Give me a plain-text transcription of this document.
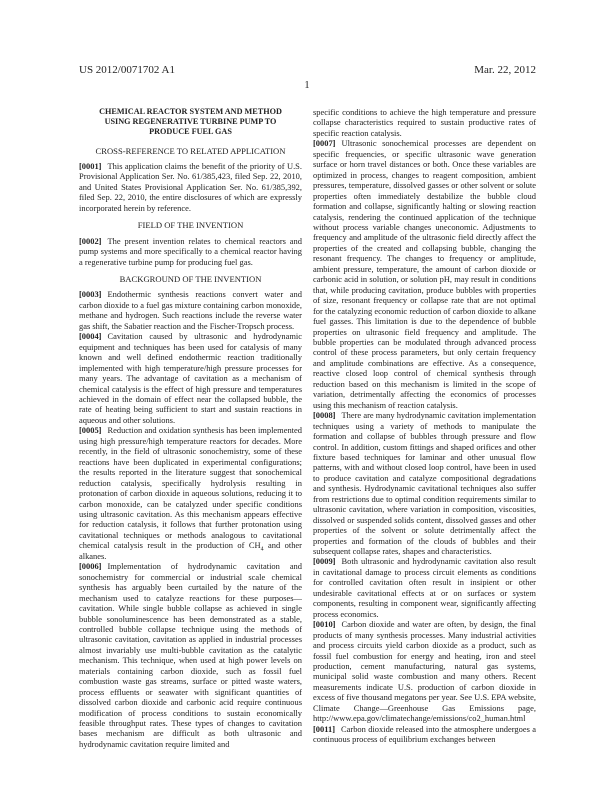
US 2012/0071702 A1	Mar. 22, 2012
1
CHEMICAL REACTOR SYSTEM AND METHOD USING REGENERATIVE TURBINE PUMP TO PRODUCE FUEL GAS
CROSS-REFERENCE TO RELATED APPLICATION

[0001] This application claims the benefit of the priority of U.S. Provisional Application Ser. No. 61/385,423, filed Sep. 22, 2010, and United States Provisional Application Ser. No. 61/385,392, filed Sep. 22, 2010, the entire disclosures of which are expressly incorporated herein by reference.

FIELD OF THE INVENTION

[0002] The present invention relates to chemical reactors and pump systems and more specifically to a chemical reactor having a regenerative turbine pump for producing fuel gas.

BACKGROUND OF THE INVENTION

[0003] Endothermic synthesis reactions convert water and carbon dioxide to a fuel gas mixture containing carbon monoxide, methane and hydrogen. Such reactions include the reverse water gas shift, the Sabatier reaction and the Fischer-Tropsch process.

[0004] Cavitation caused by ultrasonic and hydrodynamic equipment and techniques has been used for catalysis of many known and well defined endothermic reaction traditionally implemented with high temperature/high pressure processes for many years. The advantage of cavitation as a mechanism of chemical catalysis is the effect of high pressure and temperatures achieved in the domain of effect near the collapsed bubble, the rate of heating being sufficient to start and sustain reactions in aqueous and other solutions.

[0005] Reduction and oxidation synthesis has been implemented using high pressure/high temperature reactors for decades. More recently, in the field of ultrasonic sonochemistry, some of these reactions have been duplicated in experimental configurations; the results reported in the literature suggest that sonochemical reduction catalysis, specifically hydrolysis resulting in protonation of carbon dioxide in aqueous solutions, reducing it to carbon monoxide, can be catalyzed under specific conditions using ultrasonic cavitation. As this mechanism appears effective for reduction catalysis, it follows that further protonation using cavitational techniques or methods analogous to cavitational chemical catalysis result in the production of $CH_4$ and other alkanes.

[0006] Implementation of hydrodynamic cavitation and sonochemistry for commercial or industrial scale chemical synthesis has arguably been curtailed by the nature of the mechanism used to catalyze reactions for these purposes—cavitation. While single bubble collapse as achieved in single bubble sonoluminescence has been demonstrated as a stable, controlled bubble collapse technique using the methods of ultrasonic cavitation, cavitation as applied in industrial processes almost invariably use multi-bubble cavitation as the catalytic mechanism. This technique, when used at high power levels on materials containing carbon dioxide, such as fossil fuel combustion waste gas streams, surface or pitted waste waters, process effluents or seawater with significant quantities of dissolved carbon dioxide and carbonic acid require continuous modification of process conditions to sustain economically feasible throughput rates. These types of changes to cavitation bases mechanism are difficult as both ultrasonic and hydrodynamic cavitation require limited and

specific conditions to achieve the high temperature and pressure collapse characteristics required to sustain productive rates of specific reaction catalysis.

[0007] Ultrasonic sonochemical processes are dependent on specific frequencies, or specific ultrasonic wave generation surface or horn travel distances or both. Once these variables are optimized in process, changes to reagent composition, ambient pressures, temperature, dissolved gasses or other solvent or solute properties often immediately destabilize the bubble cloud formation and collapse, significantly halting or slowing reaction catalysis, rendering the continued application of the technique without process variable changes uneconomic. Adjustments to frequency and amplitude of the ultrasonic field directly affect the properties of the created and collapsing bubble, changing the resonant frequency. The changes to frequency or amplitude, ambient pressure, temperature, the amount of carbon dioxide or carbonic acid in solution, or solution pH, may result in conditions that, while producing cavitation, produce bubbles with properties of size, resonant frequency or collapse rate that are not optimal for the catalyzing economic reduction of carbon dioxide to alkane fuel gasses. This limitation is due to the dependence of bubble properties on ultrasonic field frequency and amplitude. The bubble properties can be modulated through advanced process control of these process parameters, but only certain frequency and amplitude combinations are effective. As a consequence, reactive closed loop control of chemical synthesis through reduction based on this mechanism is limited in the scope of variation, detrimentally affecting the economics of processes using this mechanism of reaction catalysis.

[0008] There are many hydrodynamic cavitation implementation techniques using a variety of methods to manipulate the formation and collapse of bubbles through pressure and flow control. In addition, custom fittings and shaped orifices and other fixture based techniques for laminar and other unusual flow patterns, with and without closed loop control, have been in used to produce cavitation and catalyze compositional degradations and synthesis. Hydrodynamic cavitational techniques also suffer from restrictions due to optimal condition requirements similar to ultrasonic cavitation, where variation in composition, viscosities, dissolved or suspended solids content, dissolved gasses and other properties of the solvent or solute detrimentally affect the properties and formation of the clouds of bubbles and their subsequent collapse rates, shapes and characteristics.

[0009] Both ultrasonic and hydrodynamic cavitation also result in cavitational damage to process circuit elements as conditions for controlled cavitation often result in insipient or other undesirable cavitational effects at or on surfaces or system components, resulting in component wear, significantly affecting process economics.

[0010] Carbon dioxide and water are often, by design, the final products of many synthesis processes. Many industrial activities and process circuits yield carbon dioxide as a product, such as fossil fuel combustion for energy and heating, iron and steel production, cement manufacturing, natural gas systems, municipal solid waste combustion and many others. Recent measurements indicate U.S. production of carbon dioxide in excess of five thousand megatons per year. See U.S. EPA website, Climate Change—Greenhouse Gas Emissions page, http://www.epa.gov/climatechange/emissions/co2_human.html

[0011] Carbon dioxide released into the atmosphere undergoes a continuous process of equilibrium exchanges between
